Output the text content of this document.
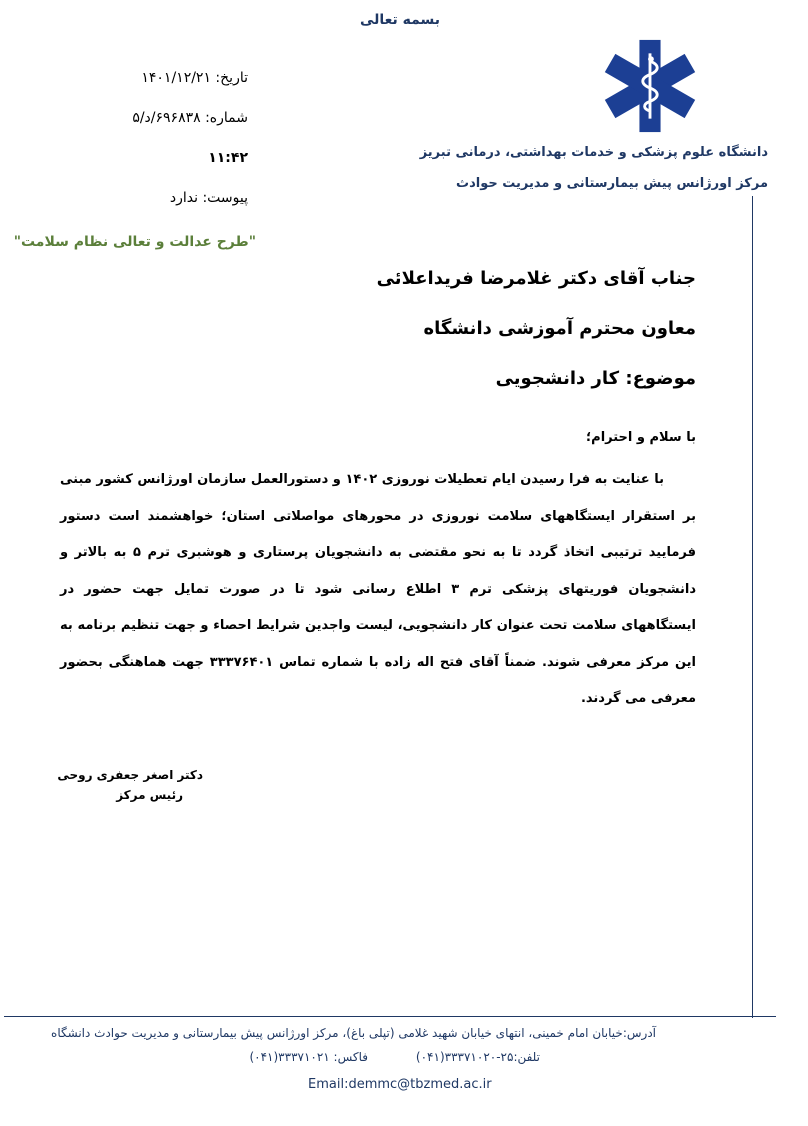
بسمه تعالی
دانشگاه علوم پزشکی و خدمات بهداشتی، درمانی تبریز
مرکز اورژانس پیش بیمارستانی و مدیریت حوادث
تاریخ: ۱۴۰۱/۱۲/۲۱
شماره: ۶۹۶۸۳۸/د/۵
۱۱:۴۲
پیوست: ندارد
"طرح عدالت و تعالی نظام سلامت"
جناب آقای دکتر غلامرضا فریداعلائی
معاون محترم آموزشی دانشگاه
موضوع: کار دانشجویی
با سلام و احترام؛

با عنایت به فرا رسیدن ایام تعطیلات نوروزی ۱۴۰۲ و دستورالعمل سازمان اورژانس کشور مبنی بر استقرار ایستگاههای سلامت نوروزی در محورهای مواصلاتی استان؛ خواهشمند است دستور فرمایید ترتیبی اتخاذ گردد تا به نحو مقتضی به دانشجویان پرستاری و هوشبری ترم ۵ به بالاتر و دانشجویان فوریتهای پزشکی ترم ۳ اطلاع رسانی شود تا در صورت تمایل جهت حضور در ایستگاههای سلامت تحت عنوان کار دانشجویی، لیست واجدین شرایط احصاء و جهت تنظیم برنامه به این مرکز معرفی شوند. ضمناً آقای فتح اله زاده با شماره تماس ۳۳۳۷۶۴۰۱ جهت هماهنگی بحضور معرفی می گردند.

دکتر اصغر جعفری روحی
رئیس مرکز
آدرس:خیابان امام خمینی، انتهای خیابان شهید غلامی (تپلی باغ)، مرکز اورژانس پیش بیمارستانی و مدیریت حوادث دانشگاه
تلفن:۲۵-۳۳۳۷۱۰۲۰(۰۴۱)
فاکس: ۳۳۳۷۱۰۲۱(۰۴۱)
Email:demmc@tbzmed.ac.ir
